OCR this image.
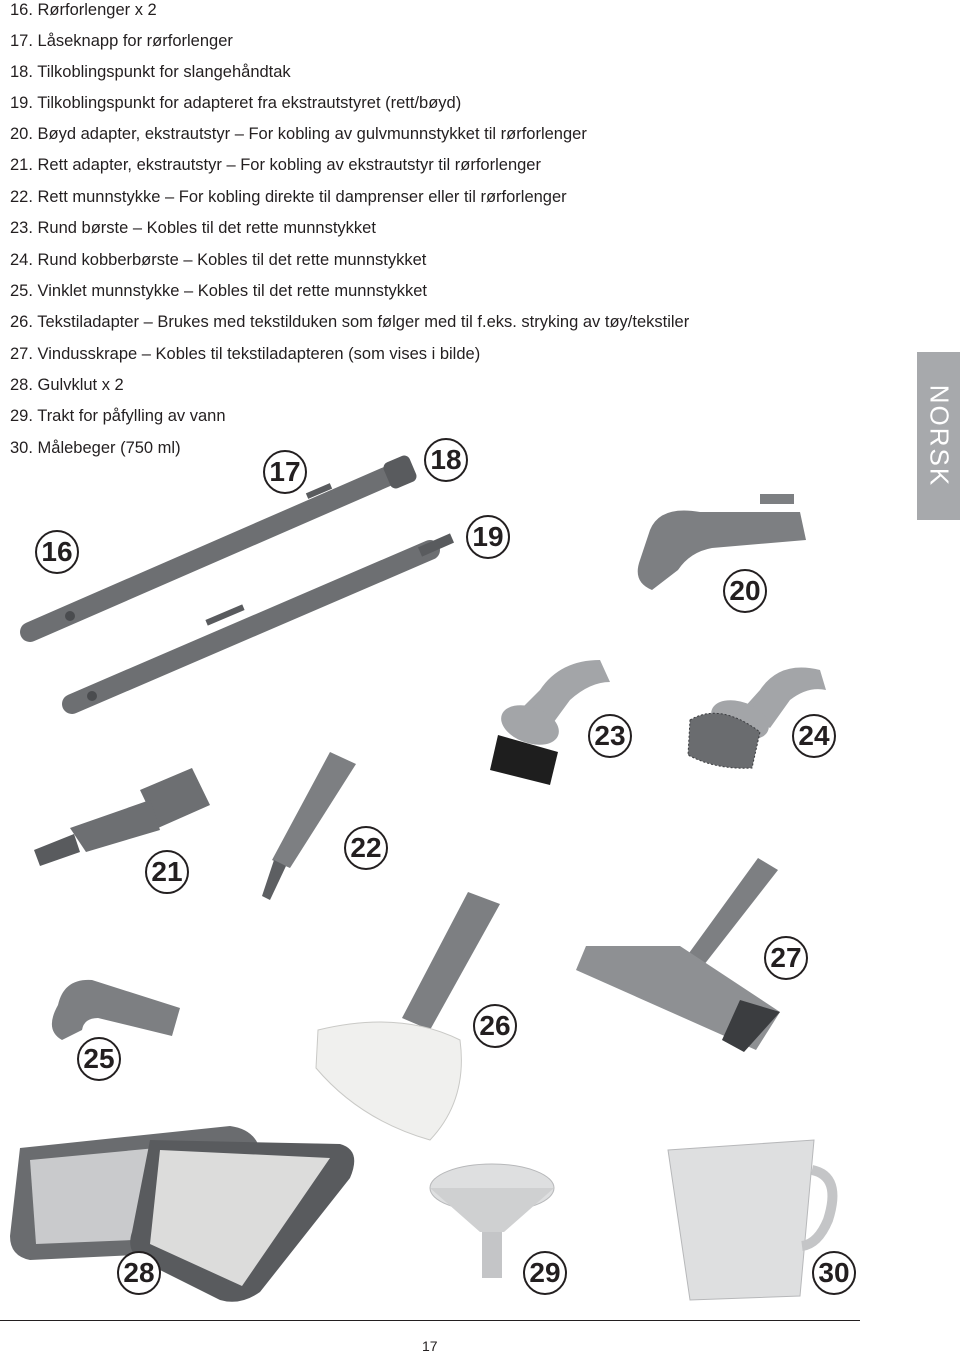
16. Rørforlenger x 2
17. Låseknapp for rørforlenger
18. Tilkoblingspunkt for slangehåndtak
19. Tilkoblingspunkt for adapteret fra ekstrautstyret (rett/bøyd)
20. Bøyd adapter, ekstrautstyr – For kobling av gulvmunnstykket til rørforlenger
21. Rett adapter, ekstrautstyr – For kobling av ekstrautstyr til rørforlenger
22. Rett munnstykke – For kobling direkte til damprenser eller til rørforlenger
23. Rund børste – Kobles til det rette munnstykket
24. Rund kobberbørste – Kobles til det rette munnstykket
25. Vinklet munnstykke – Kobles til det rette munnstykket
26. Tekstiladapter – Brukes med tekstilduken som følger med til f.eks. stryking av tøy/tekstiler
27. Vindusskrape – Kobles til tekstiladapteren (som vises i bilde)
28. Gulvklut x 2
29. Trakt for påfylling av vann
30. Målebeger (750 ml)	NORSK
16
17	18
19
20
21
22
23	24
25
26
27
28	29	30
17
